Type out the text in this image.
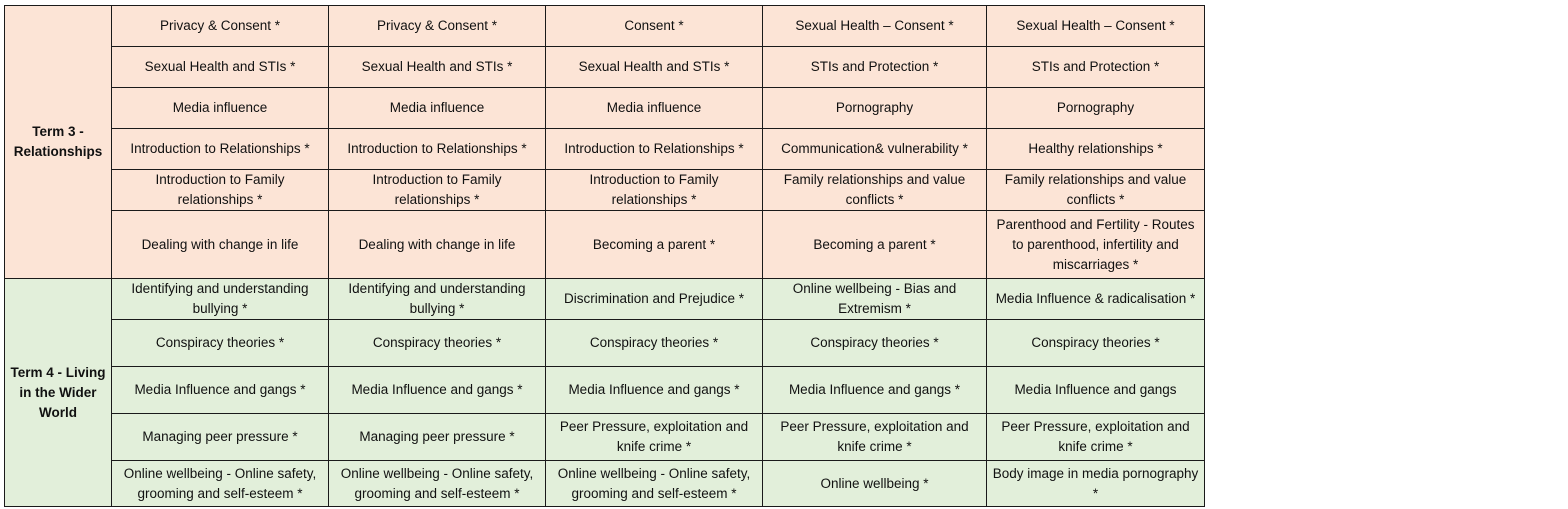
Term 3 - Relationships	Privacy & Consent *	Privacy & Consent *	Consent *	Sexual Health – Consent *	Sexual Health – Consent *
	Sexual Health and STIs *	Sexual Health and STIs *	Sexual Health and STIs *	STIs and Protection *	STIs and Protection *
	Media influence	Media influence	Media influence	Pornography	Pornography
	Introduction to Relationships *	Introduction to Relationships *	Introduction to Relationships *	Communication& vulnerability *	Healthy relationships *
	Introduction to Family relationships *	Introduction to Family relationships *	Introduction to Family relationships *	Family relationships and value conflicts *	Family relationships and value conflicts *
	Dealing with change in life	Dealing with change in life	Becoming a parent *	Becoming a parent *	Parenthood and Fertility - Routes to parenthood, infertility and miscarriages *
Term 4 - Living in the Wider World	Identifying and understanding bullying *	Identifying and understanding bullying *	Discrimination and Prejudice *	Online wellbeing - Bias and Extremism *	Media Influence & radicalisation *
	Conspiracy theories *	Conspiracy theories *	Conspiracy theories *	Conspiracy theories *	Conspiracy theories *
	Media Influence and gangs *	Media Influence and gangs *	Media Influence and gangs *	Media Influence and gangs *	Media Influence and gangs
	Managing peer pressure *	Managing peer pressure *	Peer Pressure, exploitation and knife crime *	Peer Pressure, exploitation and knife crime *	Peer Pressure, exploitation and knife crime *
	Online wellbeing - Online safety, grooming and self-esteem *	Online wellbeing - Online safety, grooming and self-esteem *	Online wellbeing - Online safety, grooming and self-esteem *	Online wellbeing *	Body image in media pornography *
